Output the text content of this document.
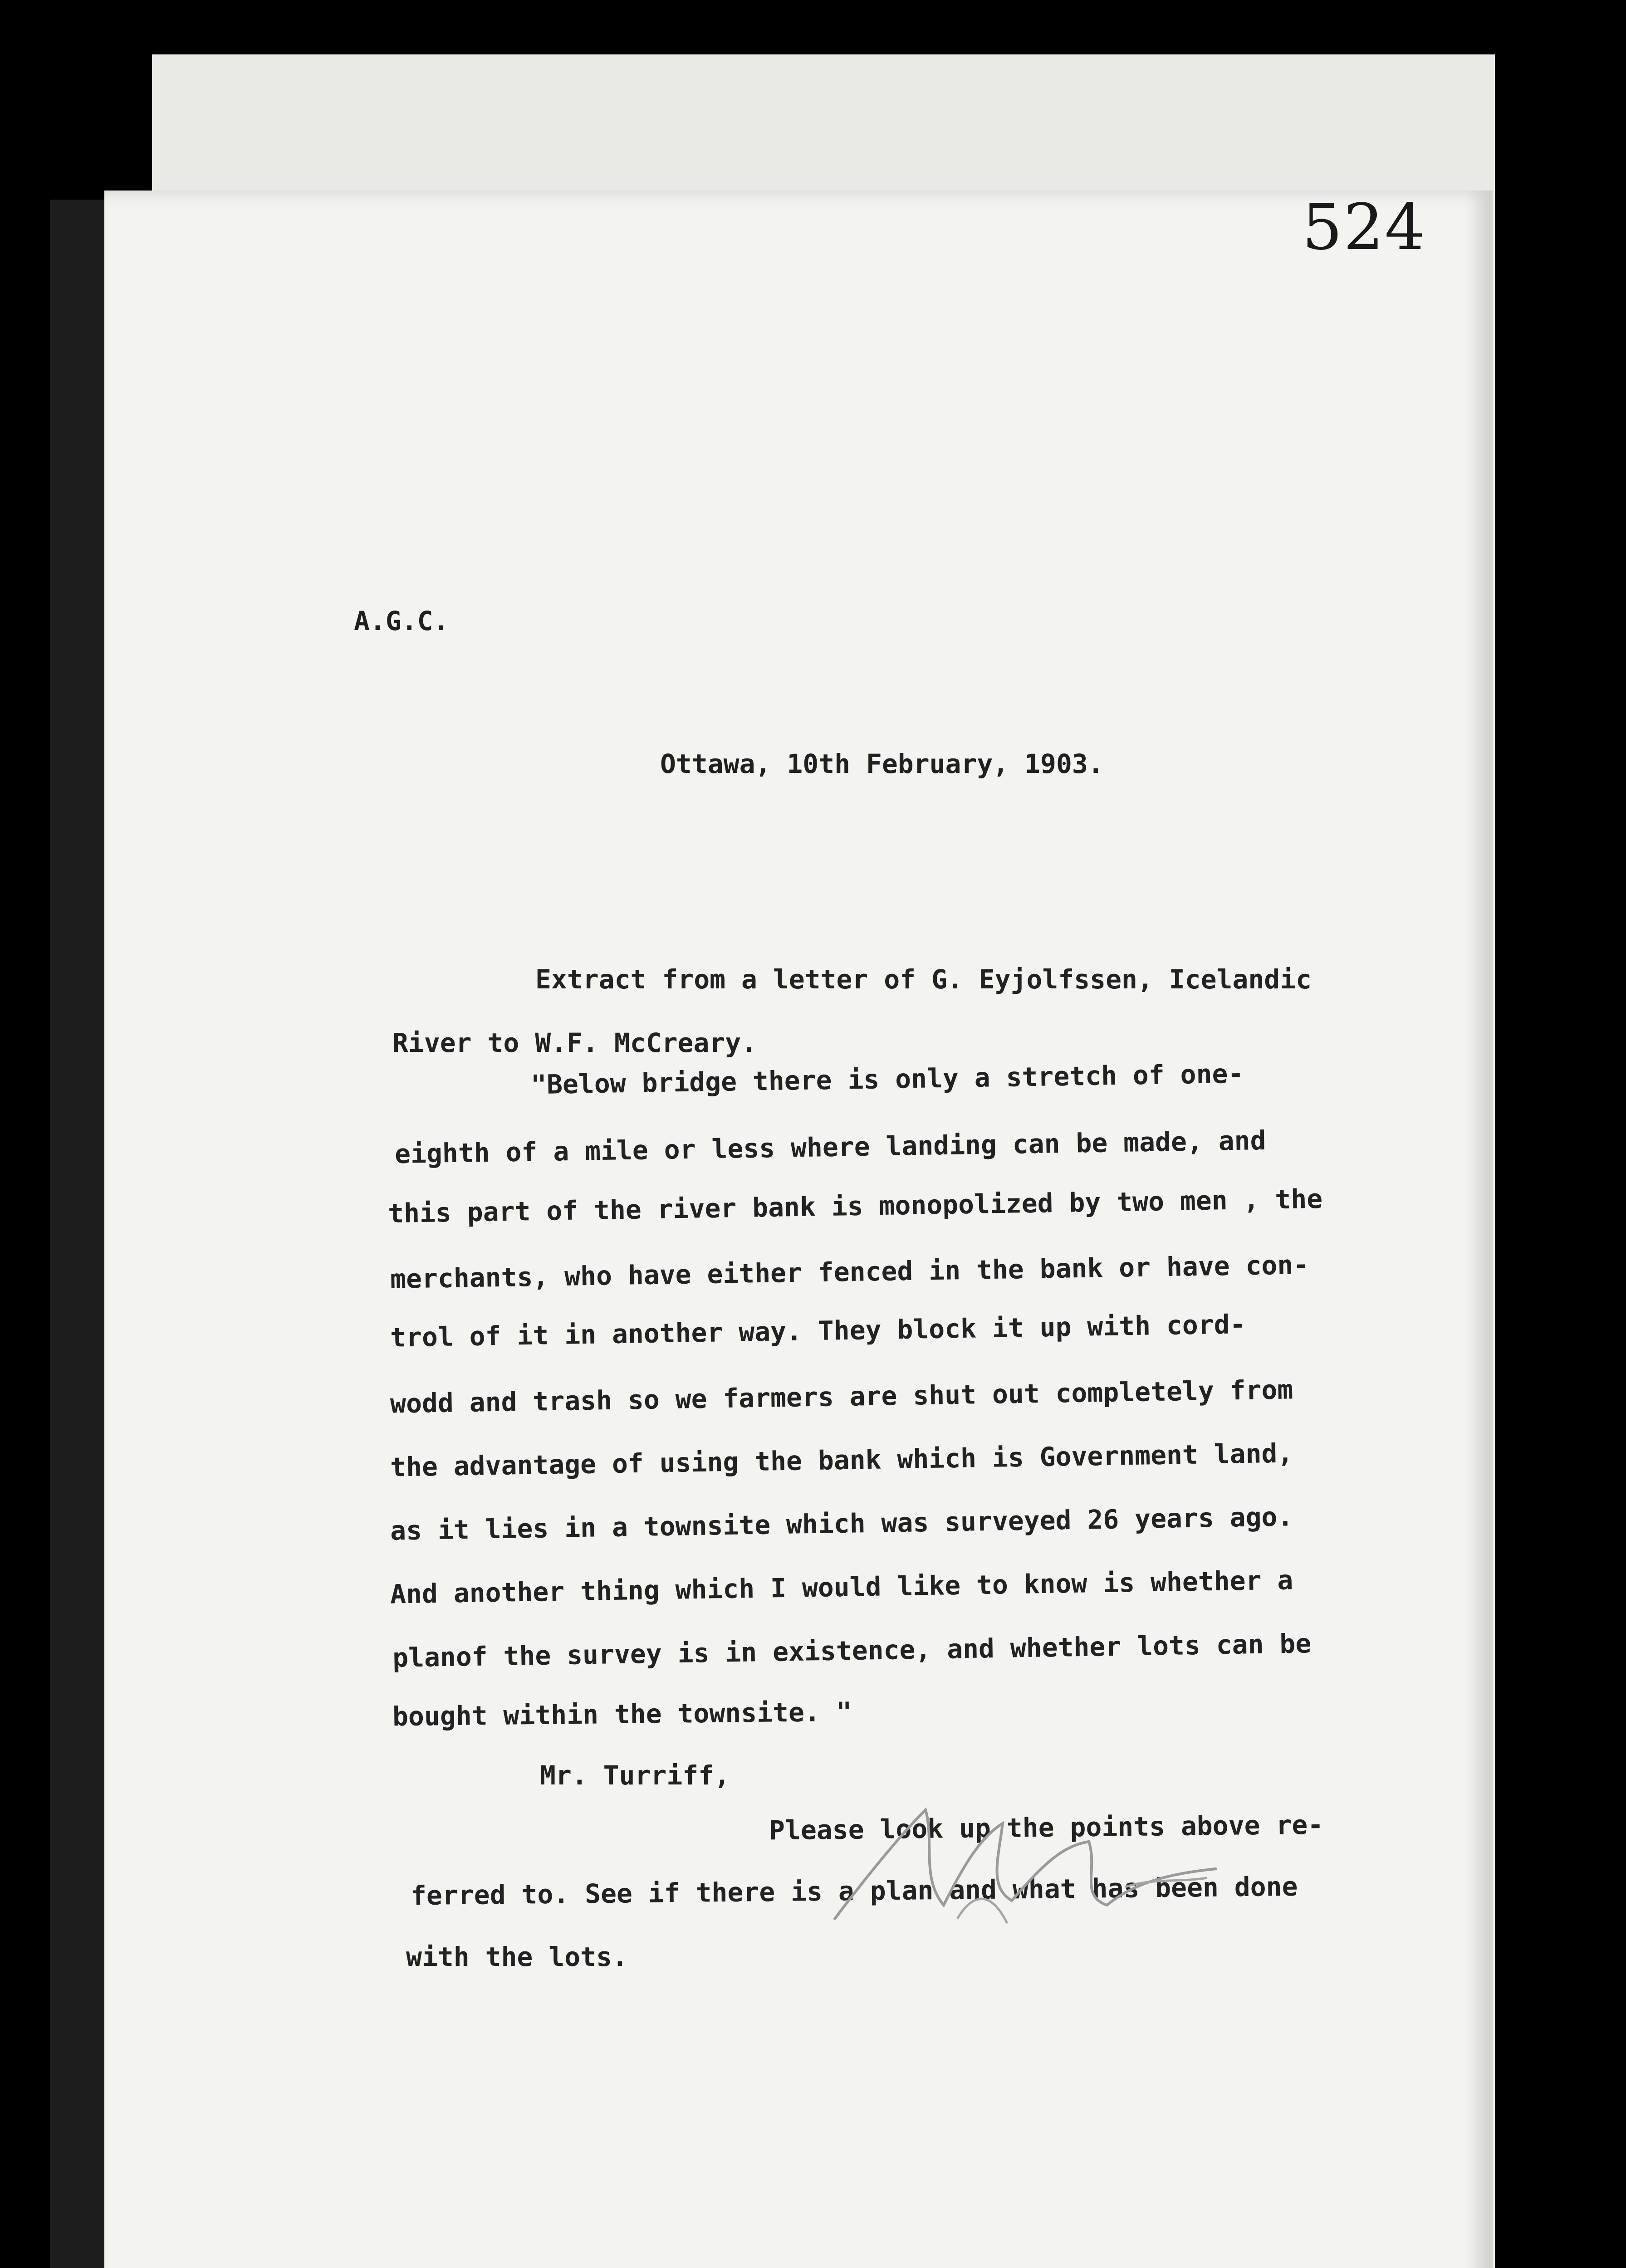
524
A.G.C.
Ottawa, 10th February, 1903.
Extract from a letter of G. Eyjolfssen, Icelandic
River to W.F. McCreary.
"Below bridge there is only a stretch of one-
eighth of a mile or less where landing can be made, and
this part of the river bank is monopolized by two men , the
merchants, who have either fenced in the bank or have con-
trol of it in another way. They block it up with cord-
wodd and trash so we farmers are shut out completely from
the advantage of using the bank which is Government land,
as it lies in a townsite which was surveyed 26 years ago.
And another thing which I would like to know is whether a
planof the survey is in existence, and whether lots can be
bought within the townsite. "
Mr. Turriff,
Please look up the points above re-
ferred to. See if there is a plan and what has been done
with the lots.
